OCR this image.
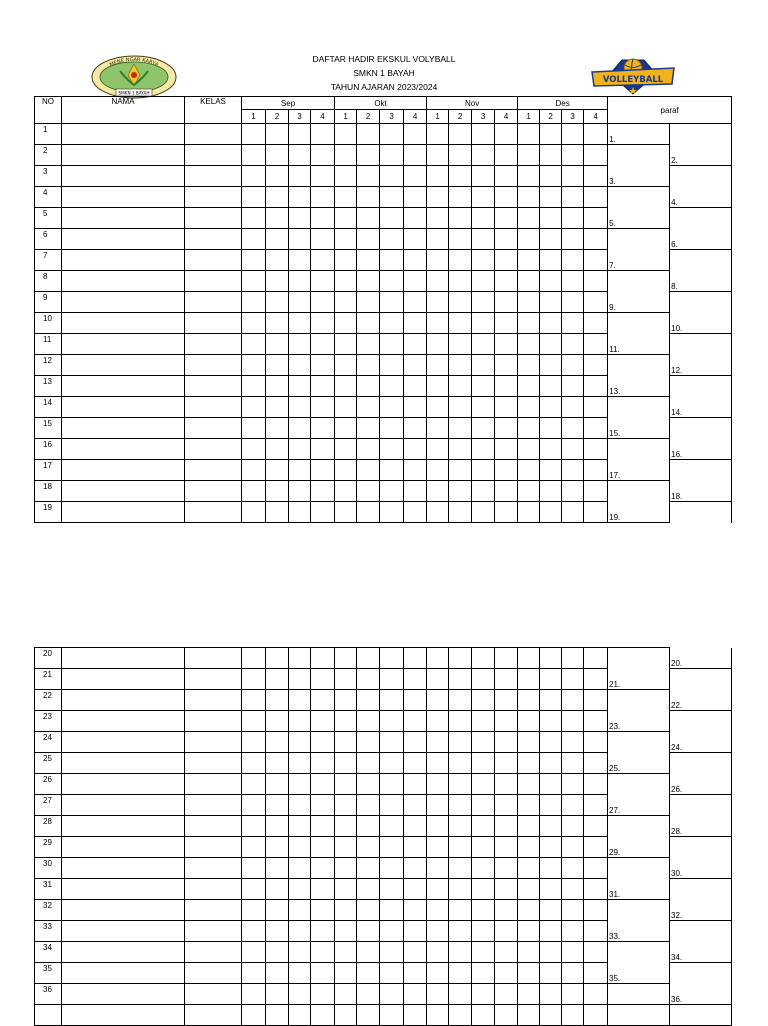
DAFTAR HADIR EKSKUL VOLYBALL
SMKN 1 BAYAH
TAHUN AJARAN 2023/2024
MENE NGAR KARYA
SMKN 1 BAYAH
VOLLEYBALL
NO	NAMA	KELAS	Sep				Okt				Nov				Des				paraf	
			1	2	3	4	1	2	3	4	1	2	3	4	1	2	3	4		
1																			1.	
2																				2.
3																			3.	
4																				4.
5																			5.	
6																				6.
7																			7.	
8																				8.
9																			9.	
10																				10.
11																			11.	
12																				12.
13																			13.	
14																				14.
15																			15.	
16																				16.
17																			17.	
18																				18.
19																			19.	
20																				20.
21																			21.	
22																				22.
23																			23.	
24																				24.
25																			25.	
26																				26.
27																			27.	
28																				28.
29																			29.	
30																				30.
31																			31.	
32																				32.
33																			33.	
34																				34.
35																			35.	
36																				36.
